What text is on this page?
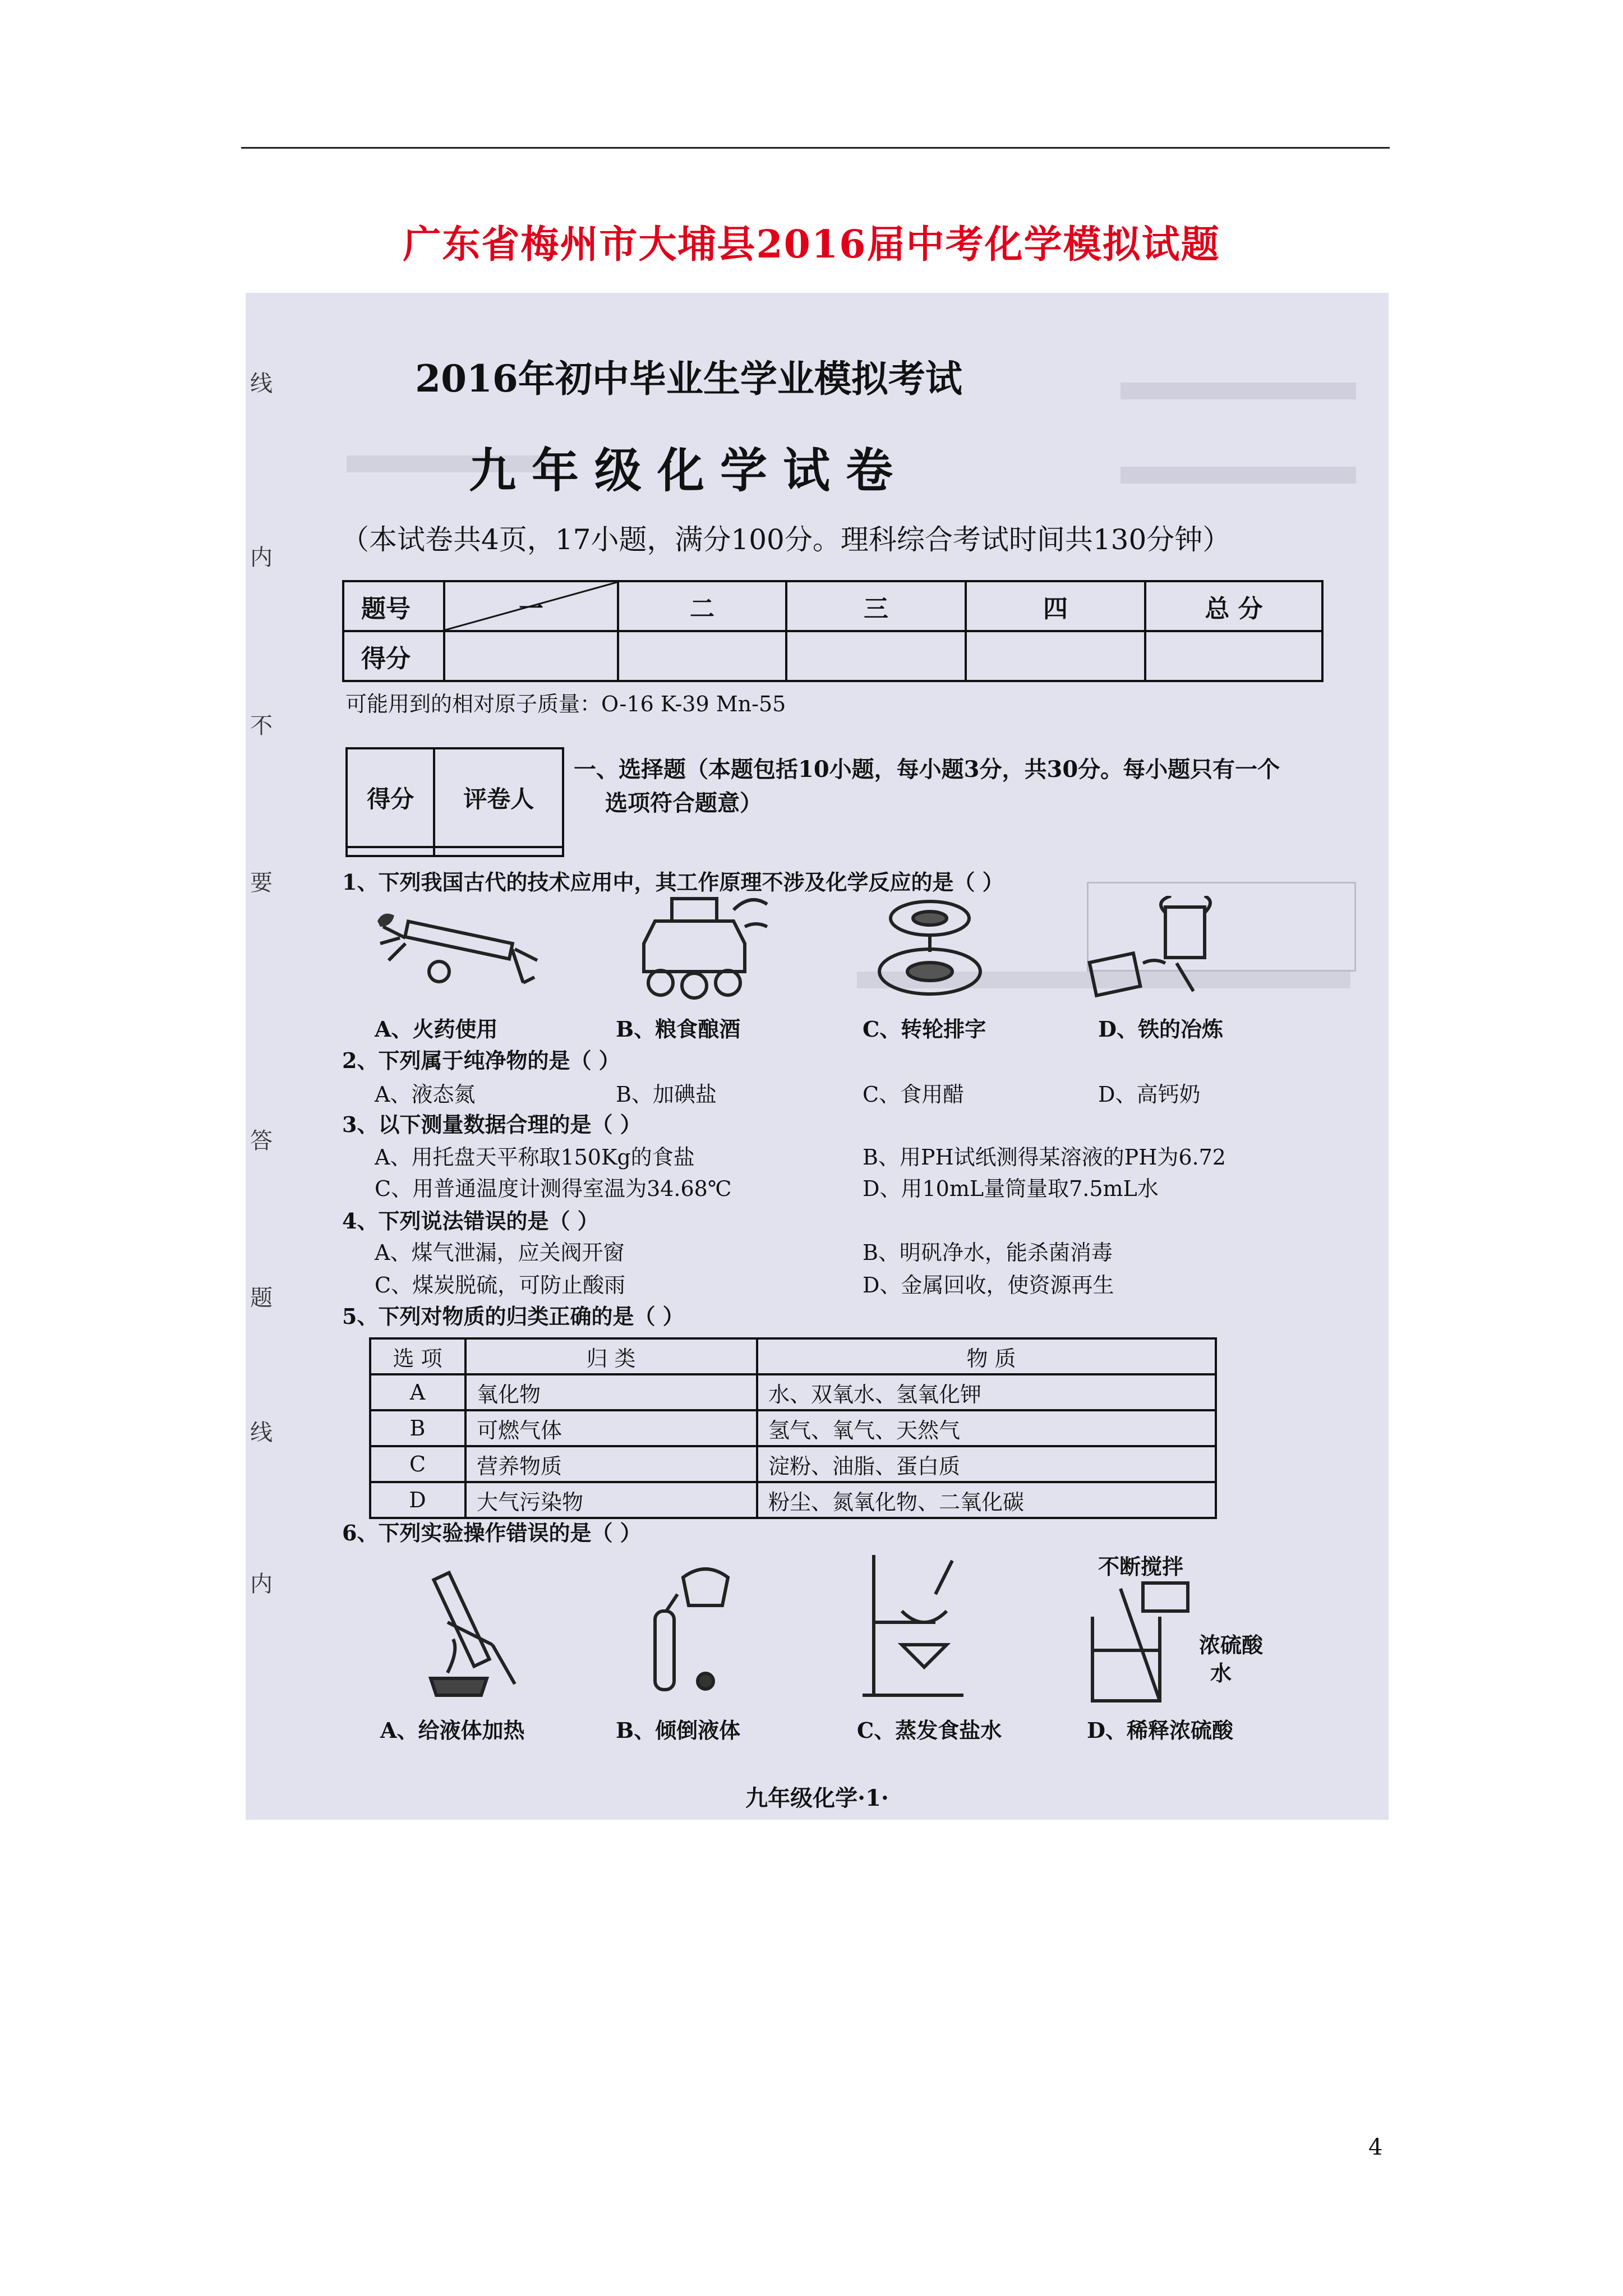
广东省梅州市大埔县2016届中考化学模拟试题
线
内
不
要
答
题
线
内
2016年初中毕业生学业模拟考试
九年级化学试卷
（本试卷共4页，17小题，满分100分。理科综合考试时间共130分钟）
题号	一	二	三	四	总 分
得分					
可能用到的相对原子质量：O-16 K-39 Mn-55
得分	评卷人

一、选择题（本题包括10小题，每小题3分，共30分。每小题只有一个
选项符合题意）
1、下列我国古代的技术应用中，其工作原理不涉及化学反应的是（ ）
A、火药使用	B、粮食酿酒	C、转轮排字	D、铁的冶炼
2、下列属于纯净物的是（ ）
A、液态氮	B、加碘盐	C、食用醋	D、高钙奶
3、以下测量数据合理的是（ ）
A、用托盘天平称取150Kg的食盐	B、用PH试纸测得某溶液的PH为6.72
C、用普通温度计测得室温为34.68℃	D、用10mL量筒量取7.5mL水
4、下列说法错误的是（ ）
A、煤气泄漏，应关阀开窗	B、明矾净水，能杀菌消毒
C、煤炭脱硫，可防止酸雨	D、金属回收，使资源再生
5、下列对物质的归类正确的是（ ）
选 项	归 类	物 质
A	氧化物	水、双氧水、氢氧化钾
B	可燃气体	氢气、氧气、天然气
C	营养物质	淀粉、油脂、蛋白质
D	大气污染物	粉尘、氮氧化物、二氧化碳
6、下列实验操作错误的是（ ）
不断搅拌
浓硫酸
水
A、给液体加热	B、倾倒液体	C、蒸发食盐水	D、稀释浓硫酸
九年级化学·1·
4
